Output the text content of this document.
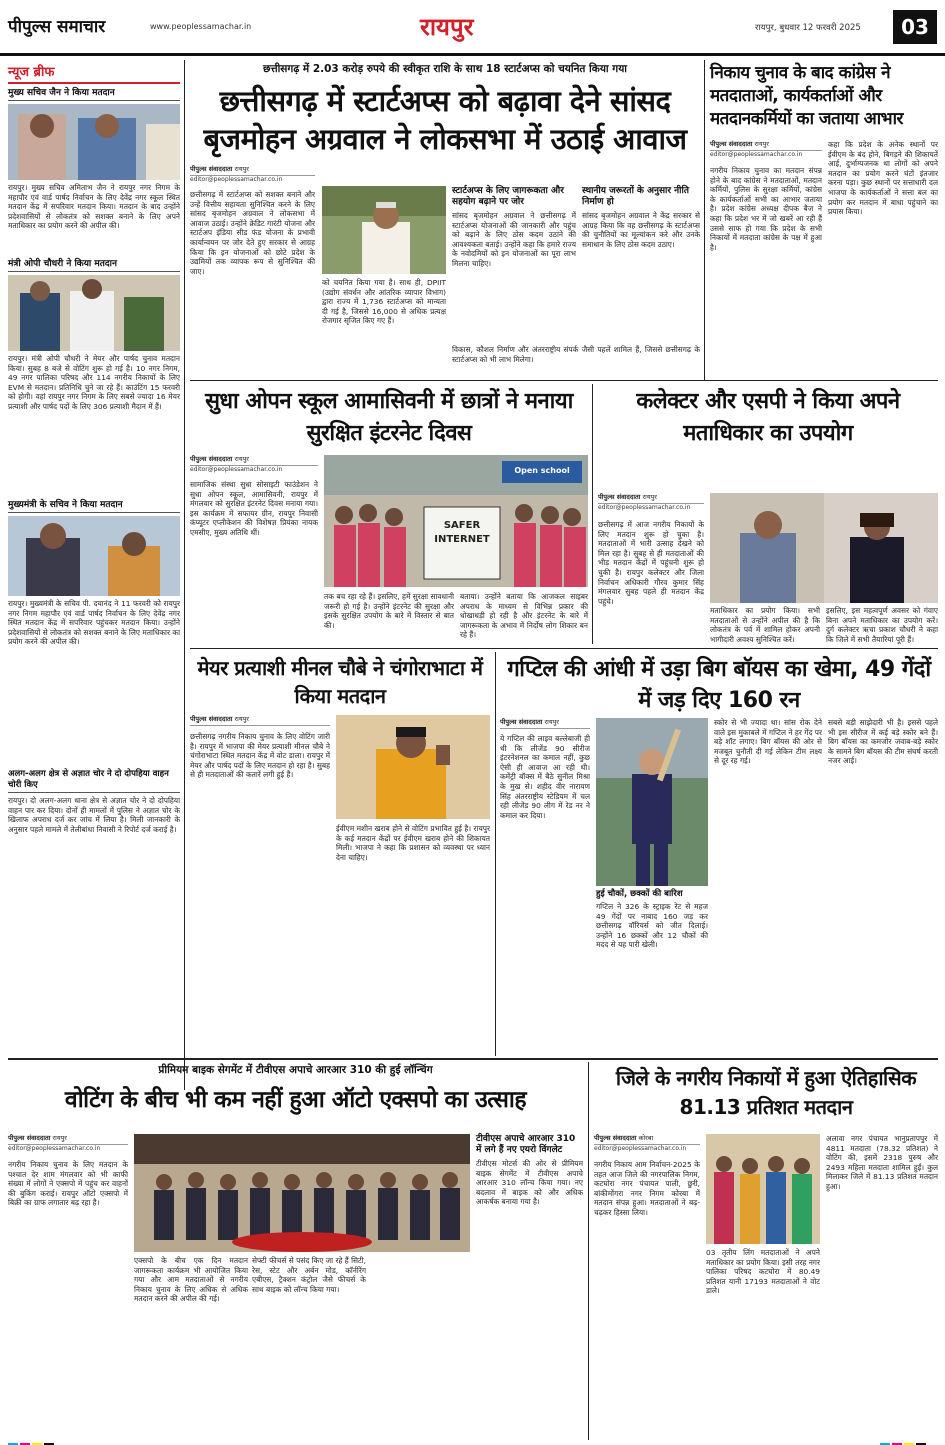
पीपुल्स समाचार	www.peoplessamachar.in	रायपुर	रायपुर, बुधवार 12 फरवरी 2025	03
न्यूज ब्रीफ
मुख्य सचिव जैन ने किया मतदान
रायपुर। मुख्य सचिव अमिताभ जैन ने रायपुर नगर निगम के महापौर एवं वार्ड पार्षद निर्वाचन के लिए देवेंद्र नगर स्कूल स्थित मतदान केंद्र में सपरिवार मतदान किया। मतदान के बाद उन्होंने प्रदेशवासियों से लोकतंत्र को सशक्त बनाने के लिए अपने मताधिकार का प्रयोग करने की अपील की।
मंत्री ओपी चौधरी ने किया मतदान
रायपुर। मंत्री ओपी चौधरी ने मेयर और पार्षद चुनाव मतदान किया। सुबह 8 बजे से वोटिंग शुरू हो गई है। 10 नगर निगम, 49 नगर पालिका परिषद और 114 नगरीय निकायों के लिए EVM से मतदान। प्रतिनिधि चुने जा रहे हैं। काउंटिंग 15 फरवरी को होगी। वहां रायपुर नगर निगम के लिए सबसे ज्यादा 16 मेयर प्रत्याशी और पार्षद पदों के लिए 306 प्रत्याशी मैदान में हैं।
मुख्यमंत्री के सचिव ने किया मतदान
रायपुर। मुख्यमंत्री के सचिव पी. दयानंद ने 11 फरवरी को रायपुर नगर निगम महापौर एवं वार्ड पार्षद निर्वाचन के लिए देवेंद्र नगर स्थित मतदान केंद्र में सपरिवार पहुंचकर मतदान किया। उन्होंने प्रदेशवासियों से लोकतंत्र को सशक्त बनाने के लिए मताधिकार का प्रयोग करने की अपील की।
अलग-अलग क्षेत्र से अज्ञात चोर ने दो दोपहिया वाहन चोरी किए
रायपुर। दो अलग-अलग थाना क्षेत्र से अज्ञात चोर ने दो दोपहिया वाहन पार कर दिया। दोनों ही मामलों में पुलिस ने अज्ञात चोर के खिलाफ अपराध दर्ज कर जांच में लिया है। मिली जानकारी के अनुसार पहले मामले में तेलीबांधा निवासी ने रिपोर्ट दर्ज कराई है।
छत्तीसगढ़ में 2.03 करोड़ रुपये की स्वीकृत राशि के साथ 18 स्टार्टअप्स को चयनित किया गया
छत्तीसगढ़ में स्टार्टअप्स को बढ़ावा देने सांसद बृजमोहन अग्रवाल ने लोकसभा में उठाई आवाज
पीपुल्स संवाददाता रायपुर
editor@peoplessamachar.co.in
छत्तीसगढ़ में स्टार्टअप्स को सशक्त बनाने और उन्हें वित्तीय सहायता सुनिश्चित करने के लिए सांसद बृजमोहन अग्रवाल ने लोकसभा में आवाज उठाई। उन्होंने क्रेडिट गारंटी योजना और स्टार्टअप इंडिया सीड फंड योजना के प्रभावी कार्यान्वयन पर जोर देते हुए सरकार से आग्रह किया कि इन योजनाओं को छोटे प्रदेश के उद्यमियों तक व्यापक रूप से सुनिश्चित की जाए।
को चयनित किया गया है। साथ ही, DPIIT (उद्योग संवर्धन और आंतरिक व्यापार विभाग) द्वारा राज्य में 1,736 स्टार्टअप्स को मान्यता दी गई है, जिससे 16,000 से अधिक प्रत्यक्ष रोजगार सृजित किए गए हैं।
स्टार्टअप्स के लिए जागरूकता और सहयोग बढ़ाने पर जोर
सांसद बृजमोहन अग्रवाल ने छत्तीसगढ़ में स्टार्टअप्स योजनाओं की जानकारी और पहुंच को बढ़ाने के लिए ठोस कदम उठाने की आवश्यकता बताई। उन्होंने कहा कि हमारे राज्य के नवोदमियों को इन योजनाओं का पूरा लाभ मिलना चाहिए।
स्थानीय जरूरतों के अनुसार नीति निर्माण हो
सांसद बृजमोहन अग्रवाल ने केंद्र सरकार से आग्रह किया कि वह छत्तीसगढ़ के स्टार्टअप्स की चुनौतियों का मूल्यांकन करे और उनके समाधान के लिए ठोस कदम उठाए।
विकास, कौशल निर्माण और अंतरराष्ट्रीय संपर्क जैसी पहलें शामिल हैं, जिससे छत्तीसगढ़ के स्टार्टअप्स को भी लाभ मिलेगा।
निकाय चुनाव के बाद कांग्रेस ने मतदाताओं, कार्यकर्ताओं और मतदानकर्मियों का जताया आभार
पीपुल्स संवाददाता रायपुर
editor@peoplessamachar.co.in
नगरीय निकाय चुनाव का मतदान संपन्न होने के बाद कांग्रेस ने मतदाताओं, मतदान कर्मियों, पुलिस के सुरक्षा कर्मियों, कांग्रेस के कार्यकर्ताओं सभी का आभार जताया है। प्रदेश कांग्रेस अध्यक्ष दीपक बैज ने कहा कि प्रदेश भर में जो खबरें आ रही हैं उससे साफ हो गया कि प्रदेश के सभी निकायों में मतदाता कांग्रेस के पक्ष में हुआ है।
कहा कि प्रदेश के अनेक स्थानों पर ईवीएम के बंद होने, बिगड़ने की शिकायतें आई, दुर्भाग्यजनक था लोगों को अपने मतदान का प्रयोग करने घंटों इंतजार करना पड़ा। कुछ स्थानों पर सत्ताधारी दल भाजपा के कार्यकर्ताओं ने सत्ता बल का प्रयोग कर मतदान में बाधा पहुंचाने का प्रयास किया।
सुधा ओपन स्कूल आमासिवनी में छात्रों ने मनाया सुरक्षित इंटरनेट दिवस
पीपुल्स संवाददाता रायपुर
editor@peoplessamachar.co.in
सामाजिक संस्था सुधा सोसाइटी फाउंडेशन ने सुधा ओपन स्कूल, आमासिवनी, रायपुर में मंगलवार को सुरक्षित इंटरनेट दिवस मनाया गया। इस कार्यक्रम में सफायर ग्रीन, रायपुर निवासी कंप्यूटर एप्लीकेशन की विशेषज्ञ प्रियंका नायक एमसीए, मुख्य अतिथि थीं।
SAFER INTERNET
Open school
तक बच रहा रहे हैं। इसलिए, हमें सुरक्षा सावधानी जरूरी हो गई है। उन्होंने इंटरनेट की सुरक्षा और इसके सुरक्षित उपयोग के बारे में विस्तार से बात की।
बताया। उन्होंने बताया कि आजकल साइबर अपराध के माध्यम से विभिन्न प्रकार की धोखाधड़ी हो रही है और इंटरनेट के बारे में जागरूकता के अभाव में निर्दोष लोग शिकार बन रहे हैं।
कलेक्टर और एसपी ने किया अपने मताधिकार का उपयोग
पीपुल्स संवाददाता रायपुर
editor@peoplessamachar.co.in
छत्तीसगढ़ में आज नगरीय निकायों के लिए मतदान शुरू हो चुका है। मतदाताओं में भारी उत्साह देखने को मिल रहा है। सुबह से ही मतदाताओं की भीड़ मतदान केंद्रों में पहुंचनी शुरू हो चुकी है। रायपुर कलेक्टर और जिला निर्वाचन अधिकारी गौरव कुमार सिंह मंगलवार सुबह पहले ही मतदान केंद्र पहुंचे।
मताधिकार का प्रयोग किया। सभी मतदाताओं से उन्होंने अपील की है कि लोकतंत्र के पर्व में शामिल होकर अपनी भागीदारी अवश्य सुनिश्चित करें।
इसलिए, इस महत्वपूर्ण अवसर को गंवाए बिना अपने मताधिकार का उपयोग करें। दुर्ग कलेक्टर ऋचा प्रकाश चौधरी ने कहा कि जिले में सभी तैयारियां पूरी हैं।
मेयर प्रत्याशी मीनल चौबे ने चंगोराभाटा में किया मतदान
पीपुल्स संवाददाता रायपुर
छत्तीसगढ़ नगरीय निकाय चुनाव के लिए वोटिंग जारी है। रायपुर में भाजपा की मेयर प्रत्याशी मीनल चौबे ने चंगोराभाटा स्थित मतदान केंद्र में वोट डाला। रायपुर में मेयर और पार्षद पदों के लिए मतदान हो रहा है। सुबह से ही मतदाताओं की कतारें लगी हुई हैं।
ईवीएम मशीन खराब होने से वोटिंग प्रभावित हुई है। रायपुर के कई मतदान केंद्रों पर ईवीएम खराब होने की शिकायत मिली। भाजपा ने कहा कि प्रशासन को व्यवस्था पर ध्यान देना चाहिए।
गप्टिल की आंधी में उड़ा बिग बॉयस का खेमा, 49 गेंदों में जड़ दिए 160 रन
पीपुल्स संवाददाता रायपुर
ये गप्टिल की लाइव बल्लेबाजी ही थी कि लीजेंड 90 सीरीज इंटरनेशनल का कमाल नहीं, कुछ ऐसी ही आवाज आ रही थी। कमेंट्री बॉक्स में बैठे सुनील मिश्रा के मुख से। शहीद वीर नारायण सिंह अंतरराष्ट्रीय स्टेडियम में चल रही लीजेंड 90 लीग में रेड नर ने कमाल कर दिया।
हुई चौकों, छक्कों की बारिश
गप्टिल ने 326 के स्ट्राइक रेट से महज 49 गेंदों पर नाबाद 160 जड़ कर छत्तीसगढ़ वॉरियर्स को जीत दिलाई। उन्होंने 16 छक्कों और 12 चौकों की मदद से यह पारी खेली।
स्कोर से भी ज्यादा था। सांस रोक देने वाले इस मुकाबले में गप्टिल ने हर गेंद पर बड़े शॉट लगाए। बिग बॉयस की ओर से मजबूत चुनौती दी गई लेकिन टीम लक्ष्य से दूर रह गई।
सबसे बड़ी साझेदारी भी है। इससे पहले भी इस सीरीज में कई बड़े स्कोर बने हैं। बिग बॉयस का कमजोर जवाब-बड़े स्कोर के सामने बिग बॉयस की टीम संघर्ष करती नजर आई।
प्रीमियम बाइक सेगमेंट में टीवीएस अपाचे आरआर 310 की हुई लॉन्चिंग
वोटिंग के बीच भी कम नहीं हुआ ऑटो एक्सपो का उत्साह
पीपुल्स संवाददाता रायपुर
editor@peoplessamachar.co.in
नगरीय निकाय चुनाव के लिए मतदान के पश्चात देर शाम मंगलवार को भी काफी संख्या में लोगों ने एक्सपो में पहुंच कर वाहनों की बुकिंग कराई। रायपुर ऑटो एक्सपो में बिक्री का ग्राफ लगातार बढ़ रहा है।
एक्सपो के बीच एक दिन मतदान जागरूकता कार्यक्रम भी आयोजित किया गया और आम मतदाताओं से नगरीय निकाय चुनाव के लिए अधिक से अधिक मतदान करने की अपील की गई।
सेफ्टी फीचर्स से पसंद किए जा रहे हैं सिटी, रेस, स्टेट और अर्बन मोड, कॉर्नरिंग एबीएस, ट्रैक्शन कंट्रोल जैसे फीचर्स के साथ बाइक को लॉन्च किया गया।
टीवीएस अपाचे आरआर 310 में लगे हैं नए एयरो विंगलेट
टीवीएस मोटर्स की ओर से प्रीमियम बाइक सेगमेंट में टीवीएस अपाचे आरआर 310 लॉन्च किया गया। नए बदलाव में बाइक को और अधिक आकर्षक बनाया गया है।
जिले के नगरीय निकायों में हुआ ऐतिहासिक 81.13 प्रतिशत मतदान
पीपुल्स संवाददाता कोरबा
editor@peoplessamachar.co.in
नगरीय निकाय आम निर्वाचन-2025 के तहत आज जिले की नगरपालिक निगम, कटघोरा नगर पंचायत पाली, छुरी, बांकीमोंगरा नगर निगम कोरबा में मतदान संपन्न हुआ। मतदाताओं ने बढ़-चढ़कर हिस्सा लिया।
03 तृतीय लिंग मतदाताओं ने अपने मताधिकार का प्रयोग किया। इसी तरह नगर पालिका परिषद कटघोरा में 80.49 प्रतिशत यानी 17193 मतदाताओं ने वोट डाले।
अलावा नगर पंचायत भानुप्रतापपुर में 4811 मतदाता (78.32 प्रतिशत) ने वोटिंग की, इसमें 2318 पुरुष और 2493 महिला मतदाता शामिल हुईं। कुल मिलाकर जिले में 81.13 प्रतिशत मतदान हुआ।
